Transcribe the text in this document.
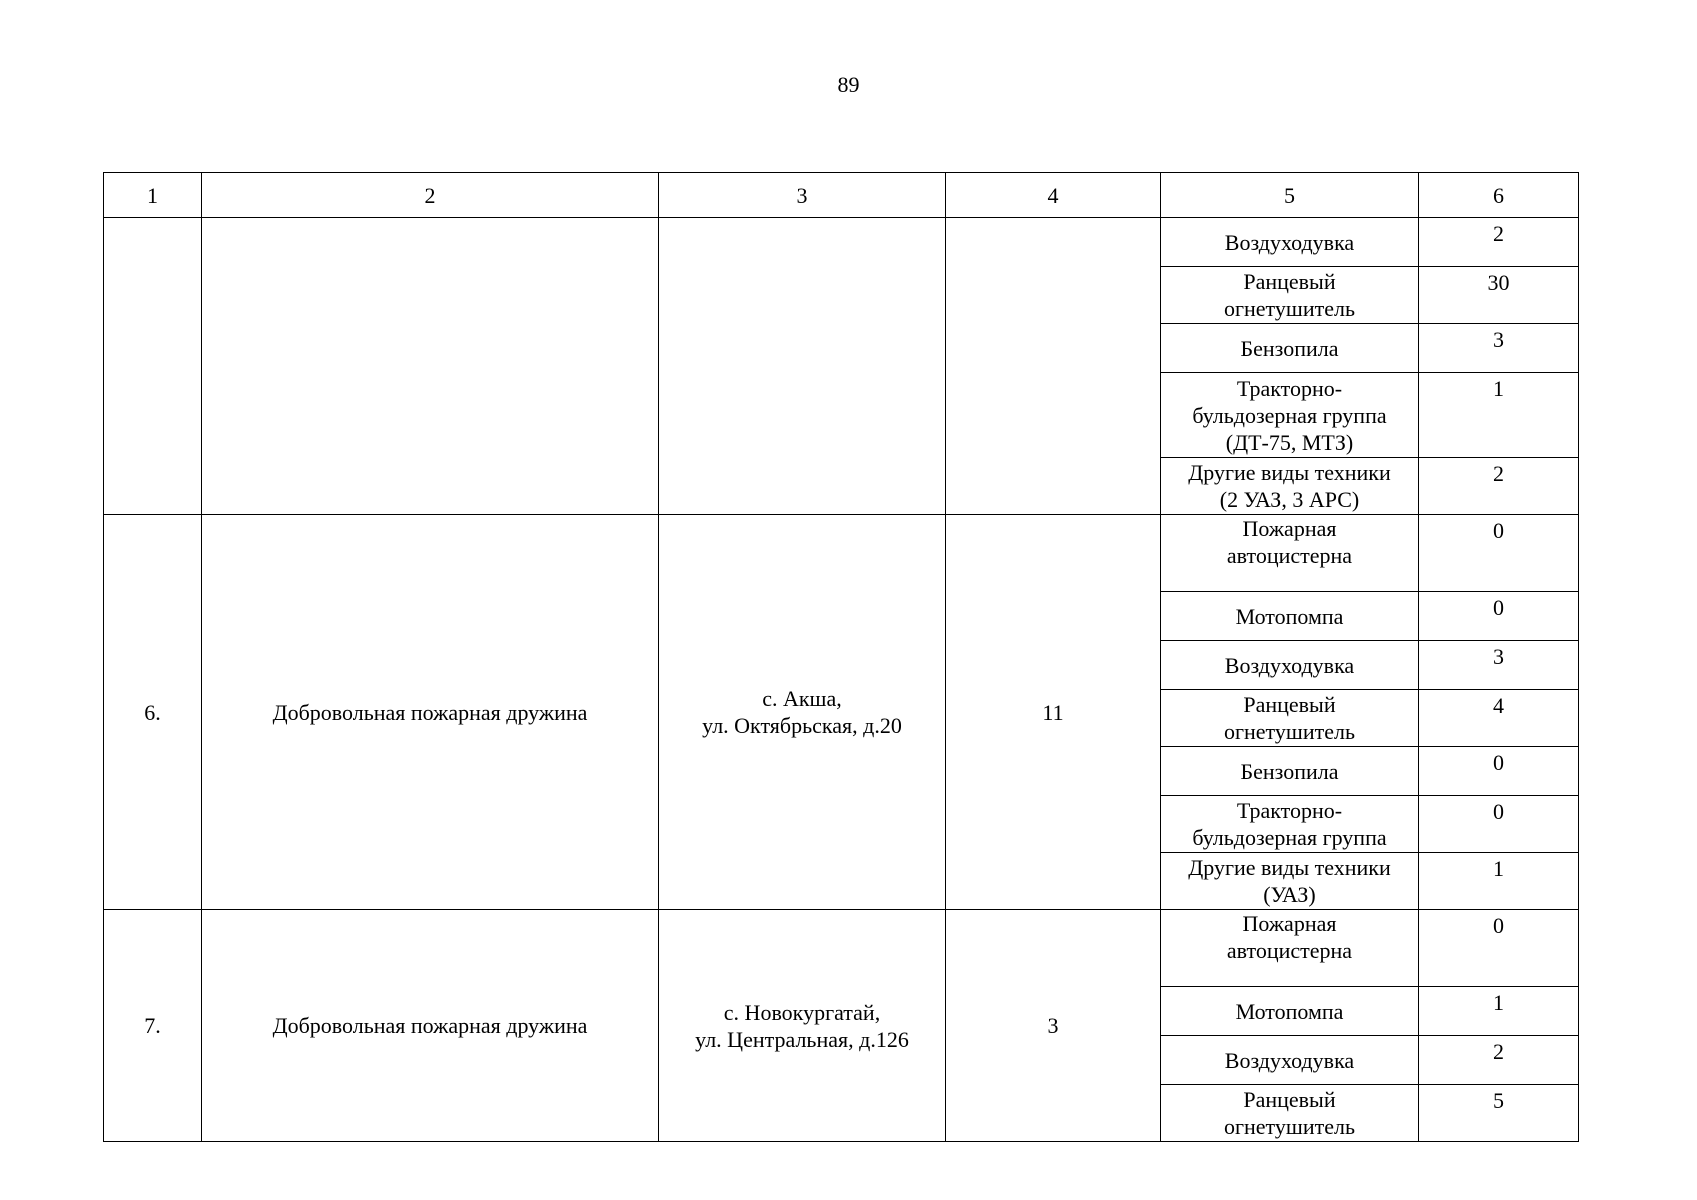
89
1	2	3	4	5	6

				Воздуходувка	2

				Ранцевый
огнетушитель	30

				Бензопила	3

				Тракторно-
бульдозерная группа
(ДТ-75, МТЗ)	1

				Другие виды техники
(2 УАЗ, 3 АРС)	2
6.	Добровольная пожарная дружина	с. Акша,
ул. Октябрьская, д.20	11	Пожарная
автоцистерна	0

				Мотопомпа	0

				Воздуходувка	3

				Ранцевый
огнетушитель	4

				Бензопила	0

				Тракторно-
бульдозерная группа	0

				Другие виды техники
(УАЗ)	1
7.	Добровольная пожарная дружина	с. Новокургатай,
ул. Центральная, д.126	3	Пожарная
автоцистерна	0

				Мотопомпа	1

				Воздуходувка	2

				Ранцевый
огнетушитель	5
